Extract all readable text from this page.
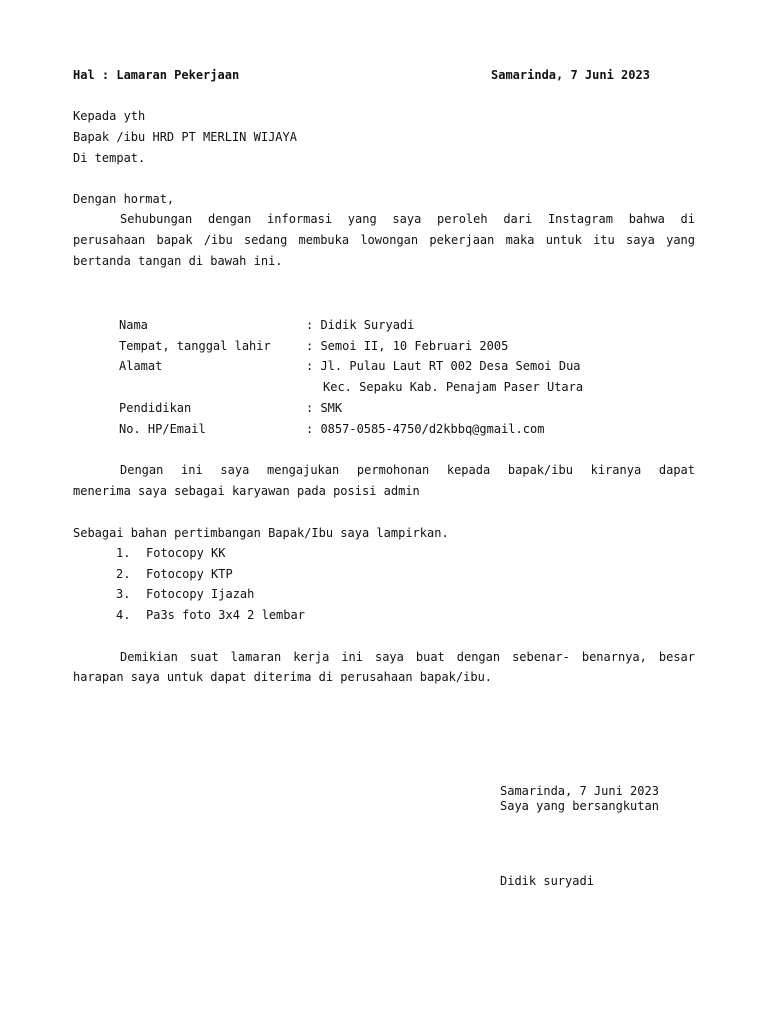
Hal : Lamaran Pekerjaan	Samarinda, 7 Juni 2023
Kepada yth
Bapak /ibu HRD PT MERLIN WIJAYA
Di tempat.
Dengan hormat,
Sehubungan dengan informasi yang saya peroleh dari Instagram bahwa di
perusahaan bapak /ibu sedang membuka lowongan pekerjaan maka untuk itu saya yang
bertanda tangan di bawah ini.
Nama	: Didik Suryadi
Tempat, tanggal lahir	: Semoi II, 10 Februari 2005
Alamat	: Jl. Pulau Laut RT 002 Desa Semoi Dua
Kec. Sepaku Kab. Penajam Paser Utara
Pendidikan	: SMK
No. HP/Email	: 0857-0585-4750/d2kbbq@gmail.com
Dengan ini saya mengajukan permohonan kepada bapak/ibu kiranya dapat
menerima saya sebagai karyawan pada posisi admin
Sebagai bahan pertimbangan Bapak/Ibu saya lampirkan.
1. Fotocopy KK
2. Fotocopy KTP
3. Fotocopy Ijazah
4. Pa3s foto 3x4 2 lembar
Demikian suat lamaran kerja ini saya buat dengan sebenar- benarnya, besar
harapan saya untuk dapat diterima di perusahaan bapak/ibu.
Samarinda, 7 Juni 2023
Saya yang bersangkutan
Didik suryadi
